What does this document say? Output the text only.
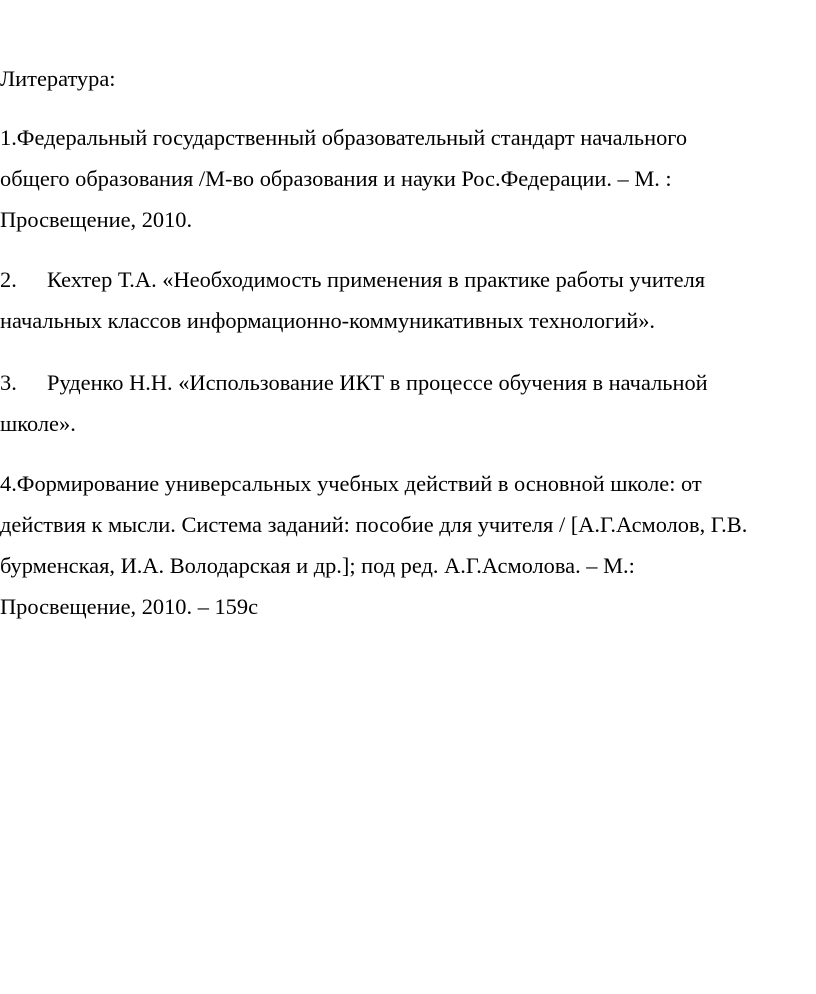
Литература:

1.Федеральный государственный образовательный стандарт начального
общего образования /М-во образования и науки Рос.Федерации. – М. :
Просвещение, 2010.

2. Кехтер Т.А. «Необходимость применения в практике работы учителя
начальных классов информационно-коммуникативных технологий».

3. Руденко Н.Н. «Использование ИКТ в процессе обучения в начальной
школе».

4.Формирование универсальных учебных действий в основной школе: от
действия к мысли. Система заданий: пособие для учителя / [А.Г.Асмолов, Г.В.
бурменская, И.А. Володарская и др.]; под ред. А.Г.Асмолова. – М.:
Просвещение, 2010. – 159с
